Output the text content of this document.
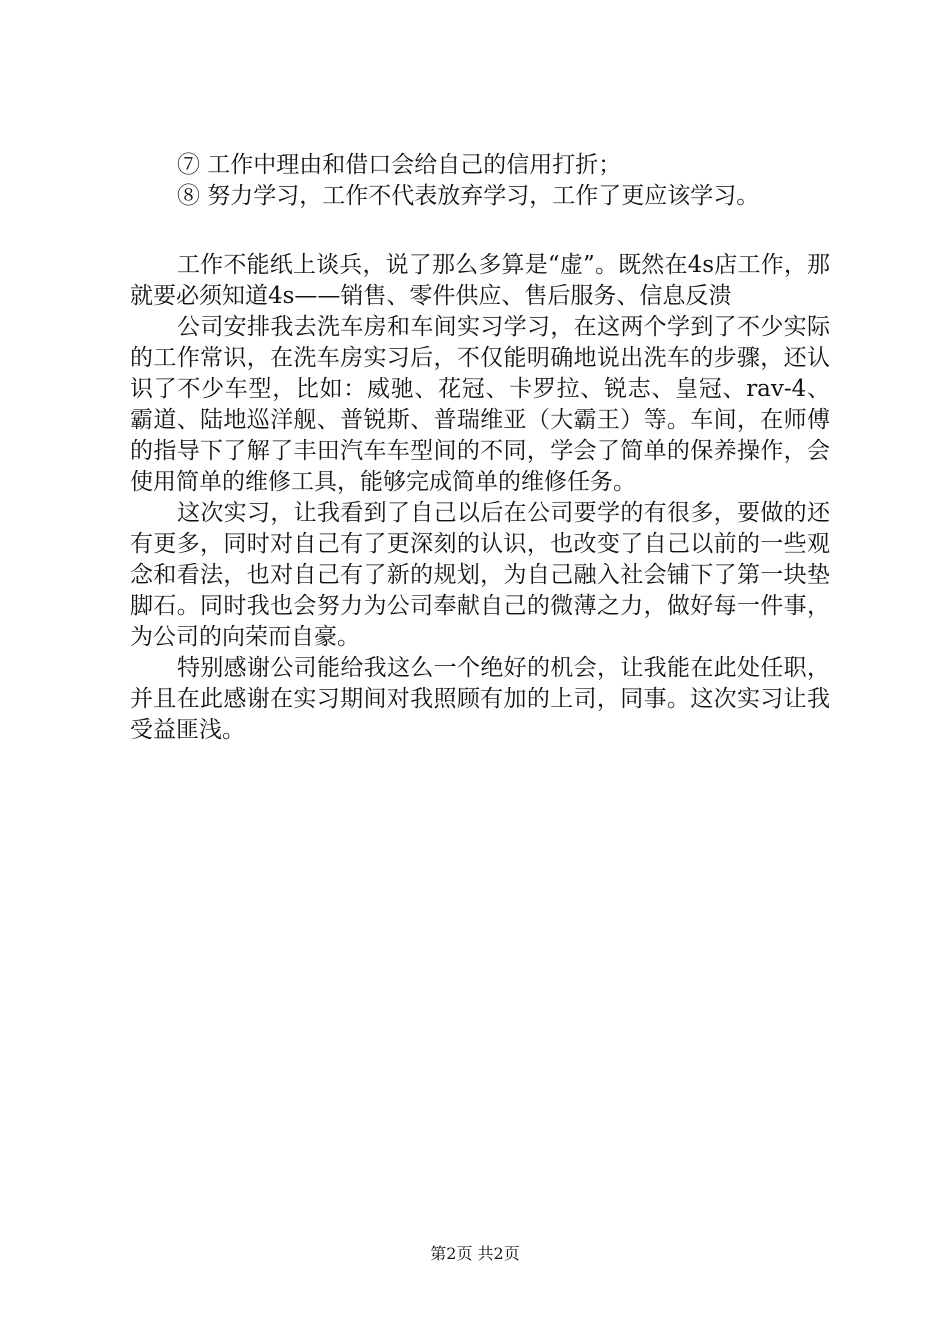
⑦ 工作中理由和借口会给自己的信用打折；

⑧ 努力学习，工作不代表放弃学习，工作了更应该学习。

工作不能纸上谈兵，说了那么多算是“虚”。既然在4s店工作，那就要必须知道4s——销售、零件供应、售后服务、信息反溃

公司安排我去洗车房和车间实习学习，在这两个学到了不少实际的工作常识，在洗车房实习后，不仅能明确地说出洗车的步骤，还认识了不少车型，比如：威驰、花冠、卡罗拉、锐志、皇冠、rav-4、霸道、陆地巡洋舰、普锐斯、普瑞维亚（大霸王）等。车间，在师傅的指导下了解了丰田汽车车型间的不同，学会了简单的保养操作，会使用简单的维修工具，能够完成简单的维修任务。

这次实习，让我看到了自己以后在公司要学的有很多，要做的还有更多，同时对自己有了更深刻的认识，也改变了自己以前的一些观念和看法，也对自己有了新的规划，为自己融入社会铺下了第一块垫脚石。同时我也会努力为公司奉献自己的微薄之力，做好每一件事，为公司的向荣而自豪。

特别感谢公司能给我这么一个绝好的机会，让我能在此处任职，并且在此感谢在实习期间对我照顾有加的上司，同事。这次实习让我受益匪浅。

第2页 共2页
